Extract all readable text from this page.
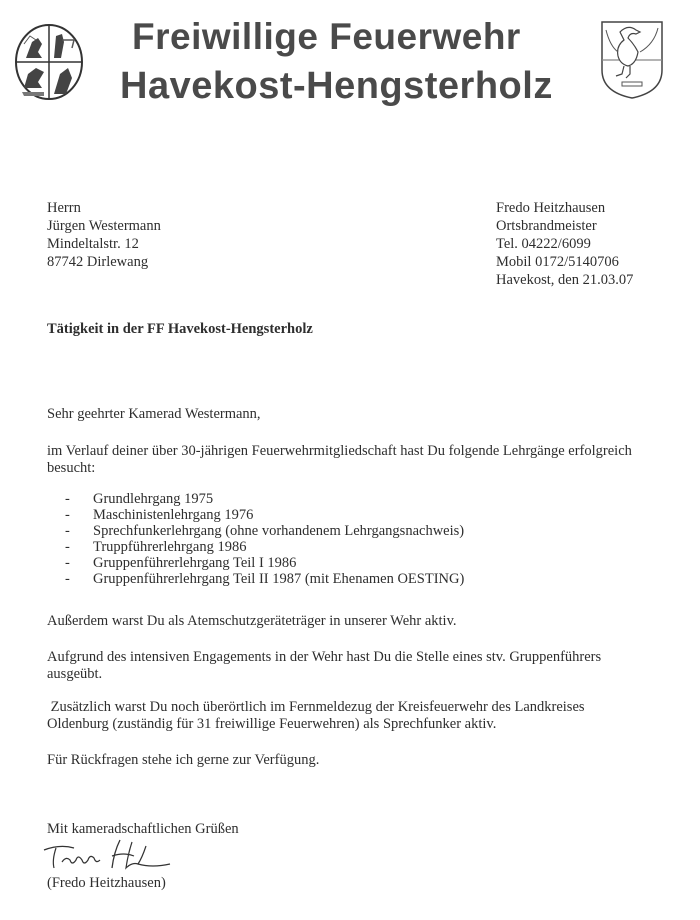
Freiwillige Feuerwehr
Havekost-Hengsterholz
Herrn
Jürgen Westermann
Mindeltalstr. 12
87742 Dirlewang
Fredo Heitzhausen
Ortsbrandmeister
Tel. 04222/6099
Mobil 0172/5140706
Havekost, den 21.03.07
Tätigkeit in der FF Havekost-Hengsterholz
Sehr geehrter Kamerad Westermann,
im Verlauf deiner über 30-jährigen Feuerwehrmitgliedschaft hast Du folgende Lehrgänge erfolgreich
besucht:
-	Grundlehrgang 1975
-	Maschinistenlehrgang 1976
-	Sprechfunkerlehrgang (ohne vorhandenem Lehrgangsnachweis)
-	Truppführerlehrgang 1986
-	Gruppenführerlehrgang Teil I 1986
-	Gruppenführerlehrgang Teil II 1987 (mit Ehenamen OESTING)
Außerdem warst Du als Atemschutzgeräteträger in unserer Wehr aktiv.
Aufgrund des intensiven Engagements in der Wehr hast Du die Stelle eines stv. Gruppenführers
ausgeübt.
Zusätzlich warst Du noch überörtlich im Fernmeldezug der Kreisfeuerwehr des Landkreises
Oldenburg (zuständig für 31 freiwillige Feuerwehren) als Sprechfunker aktiv.
Für Rückfragen stehe ich gerne zur Verfügung.
Mit kameradschaftlichen Grüßen
(Fredo Heitzhausen)
